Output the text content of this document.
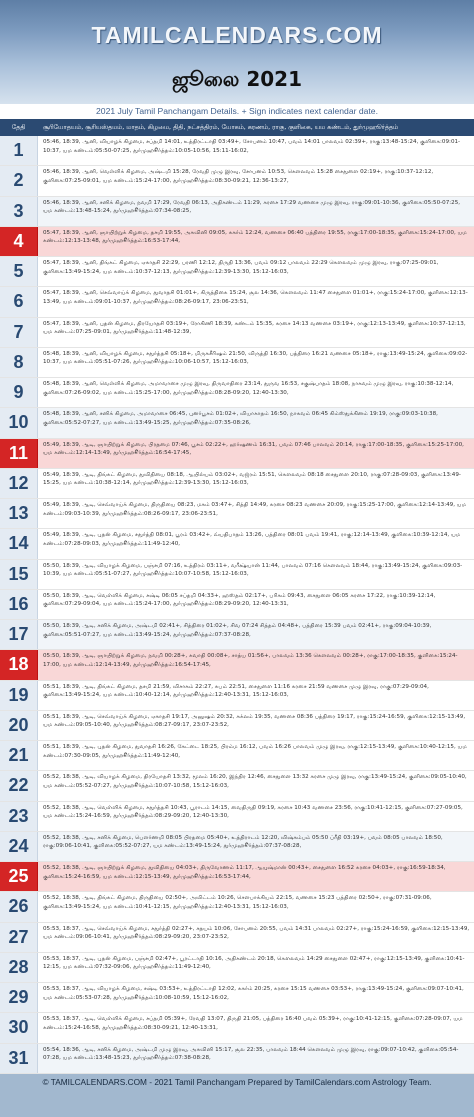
TAMILCALENDARS.COM
ஜூலை 2021
2021 July Tamil Panchangam Details. + Sign indicates next calendar date.
தேதி	சூரியோதயம், சூரியஸ்தமம், மாதம், கிழமை, திதி, நட்சத்திரம், யோகம், கரணம், ராகு, குளிகை, யம கண்டம், துர்முஹூர்த்தம்
1	05:46, 18:39, ஆனி, வியாழக் கிழமை, சப்தமி 14:01, உத்திரட்டாதி 03:49+, சோபனம் 10:47, பவம் 14:01 பாலவம் 02:39+, ராகு:13:48-15:24, குளிகை:09:01-10:37, யம கண்டம்:05:50-07:25, துர்முஹூர்த்தம்:10:05-10:56, 15:11-16:02,
2	05:46, 18:39, ஆனி, வெள்ளிக் கிழமை, அஷ்டமி 15:28, ரேவதி முழு இரவு, சோபனம் 10:53, கௌலவம் 15:28 சைதுளை 02:19+, ராகு:10:37-12:12, குளிகை:07:25-09:01, யம கண்டம்:15:24-17:00, துர்முஹூர்த்தம்:08:30-09:21, 12:36-13:27,
3	05:46, 18:39, ஆனி, சனிக் கிழமை, நவமி 17:29, ரேவதி 06:13, அதிகண்டம் 11:29, கரசை 17:29 வணசை முழு இரவு, ராகு:09:01-10:36, குளிகை:05:50-07:25, யம கண்டம்:13:48-15:24, துர்முஹூர்த்தம்:07:34-08:25,
4	05:47, 18:39, ஆனி, ஞாயிற்றுக் கிழமை, தசமி 19:55, அசுவினி 09:05, சுகர்ம் 12:24, வணசை 06:40 பத்திரை 19:55, ராகு:17:00-18:35, குளிகை:15:24-17:00, யம கண்டம்:12:13-13:48, துர்முஹூர்த்தம்:16:53-17:44,
5	05:47, 18:39, ஆனி, திங்கட் கிழமை, ஏகாதசி 22:29, பரணி 12:12, திருதி 13:36, பவம் 09:12 பாலவம் 22:29 கௌலவம் முழு இரவு, ராகு:07:25-09:01, குளிகை:13:49-15:24, யம கண்டம்:10:37-12:13, துர்முஹூர்த்தம்:12:39-13:30, 15:12-16:03,
6	05:47, 18:39, ஆனி, செவ்வாய்க் கிழமை, துவாதசி 01:01+, கிருத்திகை 15:24, சூல 14:36, கௌலவம் 11:47 சைதுளை 01:01+, ராகு:15:24-17:00, குளிகை:12:13-13:49, யம கண்டம்:09:01-10:37, துர்முஹூர்த்தம்:08:26-09:17, 23:06-23:51,
7	05:47, 18:39, ஆனி, புதன் கிழமை, திரயோதசி 03:19+, ரோகிணி 18:39, கண்டம் 15:35, கரசை 14:13 வணசை 03:19+, ராகு:12:13-13:49, குளிகை:10:37-12:13, யம கண்டம்:07:25-09:01, துர்முஹூர்த்தம்:11:48-12:39,
8	05:48, 18:39, ஆனி, வியாழக் கிழமை, சதுர்த்தசி 05:18+, மிருகசீரிஷம் 21:50, விருத்தி 16:30, பத்திரை 16:21 வணசை 05:18+, ராகு:13:49-15:24, குளிகை:09:02-10:37, யம கண்டம்:05:51-07:26, துர்முஹூர்த்தம்:10:06-10:57, 15:12-16:03,
9	05:48, 18:39, ஆனி, வெள்ளிக் கிழமை, அமாவாசை முழு இரவு, திருவாதிரை 23:14, துருவ 16:53, சகுஷ்பாதம் 18:08, நாகவம் முழு இரவு, ராகு:10:38-12:14, குளிகை:07:26-09:02, யம கண்டம்:15:25-17:00, துர்முஹூர்த்தம்:08:28-09:20, 12:40-13:30,
10	05:48, 18:39, ஆனி, சனிக் கிழமை, அமாவாசை 06:45, புனர்பூசம் 01:02+, வியாகாதம் 16:50, நாகவம் 06:45 கிம்ஸ்துக்கினம் 19:19, ராகு:09:03-10:38, குளிகை:05:52-07:27, யம கண்டம்:13:49-15:25, துர்முஹூர்த்தம்:07:35-08:26,
11	05:49, 18:39, ஆடி, ஞாயிற்றுக் கிழமை, பிரதமை 07:46, பூசம் 02:22+, ஹர்ஷணம் 16:31, பவம் 07:46 பாலவம் 20:14, ராகு:17:00-18:35, குளிகை:15:25-17:00, யம கண்டம்:12:14-13:49, துர்முஹூர்த்தம்:16:54-17:45,
12	05:49, 18:39, ஆடி, திங்கட் கிழமை, துவிதியை 08:18, ஆயில்யம் 03:02+, வஜ்ரம் 15:51, கௌலவம் 08:18 சைதுளை 20:10, ராகு:07:28-09:03, குளிகை:13:49-15:25, யம கண்டம்:10:38-12:14, துர்முஹூர்த்தம்:12:39-13:30, 15:12-16:03,
13	05:49, 18:39, ஆடி, செவ்வாய்க் கிழமை, திருதியை 08:23, மகம் 03:47+, சித்தி 14:49, கரசை 08:23 வணசை 20:09, ராகு:15:25-17:00, குளிகை:12:14-13:49, யம கண்டம்:09:03-10:39, துர்முஹூர்த்தம்:08:26-09:17, 23:06-23:51,
14	05:49, 18:39, ஆடி, புதன் கிழமை, சதுர்த்தி 08:01, பூரம் 03:42+, வ்யதிபாதம் 13:26, பத்திரை 08:01 பவம் 19:41, ராகு:12:14-13:49, குளிகை:10:39-12:14, யம கண்டம்:07:28-09:03, துர்முஹூர்த்தம்:11:49-12:40,
15	05:50, 18:39, ஆடி, வியாழக் கிழமை, பஞ்சமி 07:16, உத்திரம் 03:11+, வரீக்ஷ்யான் 11:44, பாலவம் 07:16 கௌலவம் 18:44, ராகு:13:49-15:24, குளிகை:09:03-10:39, யம கண்டம்:05:51-07:27, துர்முஹூர்த்தம்:10:07-10:58, 15:12-16:03,
16	05:50, 18:39, ஆடி, வெள்ளிக் கிழமை, சஷ்டி 06:05 சப்தமி 04:33+, ஹஸ்தம் 02:17+, பரிகம் 09:43, சைதுளை 06:05 கரசை 17:22, ராகு:10:39-12:14, குளிகை:07:29-09:04, யம கண்டம்:15:24-17:00, துர்முஹூர்த்தம்:08:29-09:20, 12:40-13:31,
17	05:50, 18:39, ஆடி, சனிக் கிழமை, அஷ்டமி 02:41+, சித்திரை 01:02+, சிவ 07:24 சித்தம் 04:48+, பத்திரை 15:39 பவம் 02:41+, ராகு:09:04-10:39, குளிகை:05:51-07:27, யம கண்டம்:13:49-15:24, துர்முஹூர்த்தம்:07:37-08:28,
18	05:50, 18:39, ஆடி, ஞாயிற்றுக் கிழமை, நவமி 00:28+, சுவாதி 00:08+, சாத்ய 01:56+, பாலவம் 13:36 கௌலவம் 00:28+, ராகு:17:00-18:35, குளிகை:15:24-17:00, யம கண்டம்:12:14-13:49, துர்முஹூர்த்தம்:16:54-17:45,
19	05:51, 18:39, ஆடி, திங்கட் கிழமை, தசமி 21:59, விசாகம் 22:27, சுபம் 22:51, சைதுளை 11:16 கரசை 21:59 வணசை முழு இரவு, ராகு:07:29-09:04, குளிகை:13:49-15:24, யம கண்டம்:10:40-12:14, துர்முஹூர்த்தம்:12:40-13:31, 15:12-16:03,
20	05:51, 18:39, ஆடி, செவ்வாய்க் கிழமை, ஏகாதசி 19:17, அனுஷம் 20:32, சுக்லம் 19:35, வணசை 08:36 பத்திரை 19:17, ராகு:15:24-16:59, குளிகை:12:15-13:49, யம கண்டம்:09:05-10:40, துர்முஹூர்த்தம்:08:27-09:17, 23:07-23:52,
21	05:51, 18:39, ஆடி, புதன் கிழமை, துவாதசி 16:26, கேட்டை 18:25, பிரம்ம 16:12, பவம் 16:26 பாலவம் முழு இரவு, ராகு:12:15-13:49, குளிகை:10:40-12:15, யம கண்டம்:07:30-09:05, துர்முஹூர்த்தம்:11:49-12:40,
22	05:52, 18:38, ஆடி, வியாழக் கிழமை, திரயோதசி 13:32, மூலம் 16:20, இந்திர 12:46, சைதுளை 13:32 கரசை முழு இரவு, ராகு:13:49-15:24, குளிகை:09:05-10:40, யம கண்டம்:05:52-07:27, துர்முஹூர்த்தம்:10:07-10:58, 15:12-16:03,
23	05:52, 18:38, ஆடி, வெள்ளிக் கிழமை, சதுர்த்தசி 10:43, பூராடம் 14:15, வைதிருதி 09:19, கரசை 10:43 வணசை 23:56, ராகு:10:41-12:15, குளிகை:07:27-09:05, யம கண்டம்:15:24-16:59, துர்முஹூர்த்தம்:08:29-09:20, 12:40-13:30,
24	05:52, 18:38, ஆடி, சனிக் கிழமை, பௌர்ணமி 08:05 பிரதமை 05:40+, உத்திராடம் 12:20, விஷ்கம்பம் 05:50 ப்ரீதி 03:19+, பவம் 08:05 பாலவம் 18:50, ராகு:09:06-10:41, குளிகை:05:52-07:27, யம கண்டம்:13:49-15:24, துர்முஹூர்த்தம்:07:37-08:28,
25	05:52, 18:38, ஆடி, ஞாயிற்றுக் கிழமை, துவிதியை 04:03+, திருவோணம் 11:17, ஆயுஷ்மான் 00:43+, சைதுளை 16:52 கரசை 04:03+, ராகு:16:59-18:34, குளிகை:15:24-16:59, யம கண்டம்:12:15-13:49, துர்முஹூர்த்தம்:16:53-17:44,
26	05:52, 18:38, ஆடி, திங்கட் கிழமை, திருதியை 02:50+, அவிட்டம் 10:26, சௌபாக்கியம் 22:15, வணசை 15:23 பத்திரை 02:50+, ராகு:07:31-09:06, குளிகை:13:49-15:24, யம கண்டம்:10:41-12:15, துர்முஹூர்த்தம்:12:40-13:31, 15:12-16:03,
27	05:53, 18:37, ஆடி, செவ்வாய்க் கிழமை, சதுர்த்தி 02:27+, சதயம் 10:06, சோபனம் 20:55, பவம் 14:31 பாலவம் 02:27+, ராகு:15:24-16:59, குளிகை:12:15-13:49, யம கண்டம்:09:06-10:41, துர்முஹூர்த்தம்:08:29-09:20, 23:07-23:52,
28	05:53, 18:37, ஆடி, புதன் கிழமை, பஞ்சமி 02:47+, பூரட்டாதி 10:16, அதிகண்டம் 20:18, கௌலவம் 14:29 சைதுளை 02:47+, ராகு:12:15-13:49, குளிகை:10:41-12:15, யம கண்டம்:07:32-09:06, துர்முஹூர்த்தம்:11:49-12:40,
29	05:53, 18:37, ஆடி, வியாழக் கிழமை, சஷ்டி 03:53+, உத்திரட்டாதி 12:02, சுகர்ம் 20:25, கரசை 15:15 வணசை 03:53+, ராகு:13:49-15:24, குளிகை:09:07-10:41, யம கண்டம்:05:53-07:28, துர்முஹூர்த்தம்:10:08-10:59, 15:12-16:02,
30	05:53, 18:37, ஆடி, வெள்ளிக் கிழமை, சப்தமி 05:39+, ரேவதி 13:07, திருதி 21:05, பத்திரை 16:40 பவம் 05:39+, ராகு:10:41-12:15, குளிகை:07:28-09:07, யம கண்டம்:15:24-16:58, துர்முஹூர்த்தம்:08:30-09:21, 12:40-13:31,
31	05:54, 18:36, ஆடி, சனிக் கிழமை, அஷ்டமி முழு இரவு, அசுவினி 15:17, சூல 22:35, பாலவம் 18:44 கௌலவம் முழு இரவு, ராகு:09:07-10:42, குளிகை:05:54-07:28, யம கண்டம்:13:48-15:23, துர்முஹூர்த்தம்:07:38-08:28,
© TAMILCALENDARS.COM - 2021 Tamil Panchangam Prepared by TamilCalendars.com Astrology Team.
